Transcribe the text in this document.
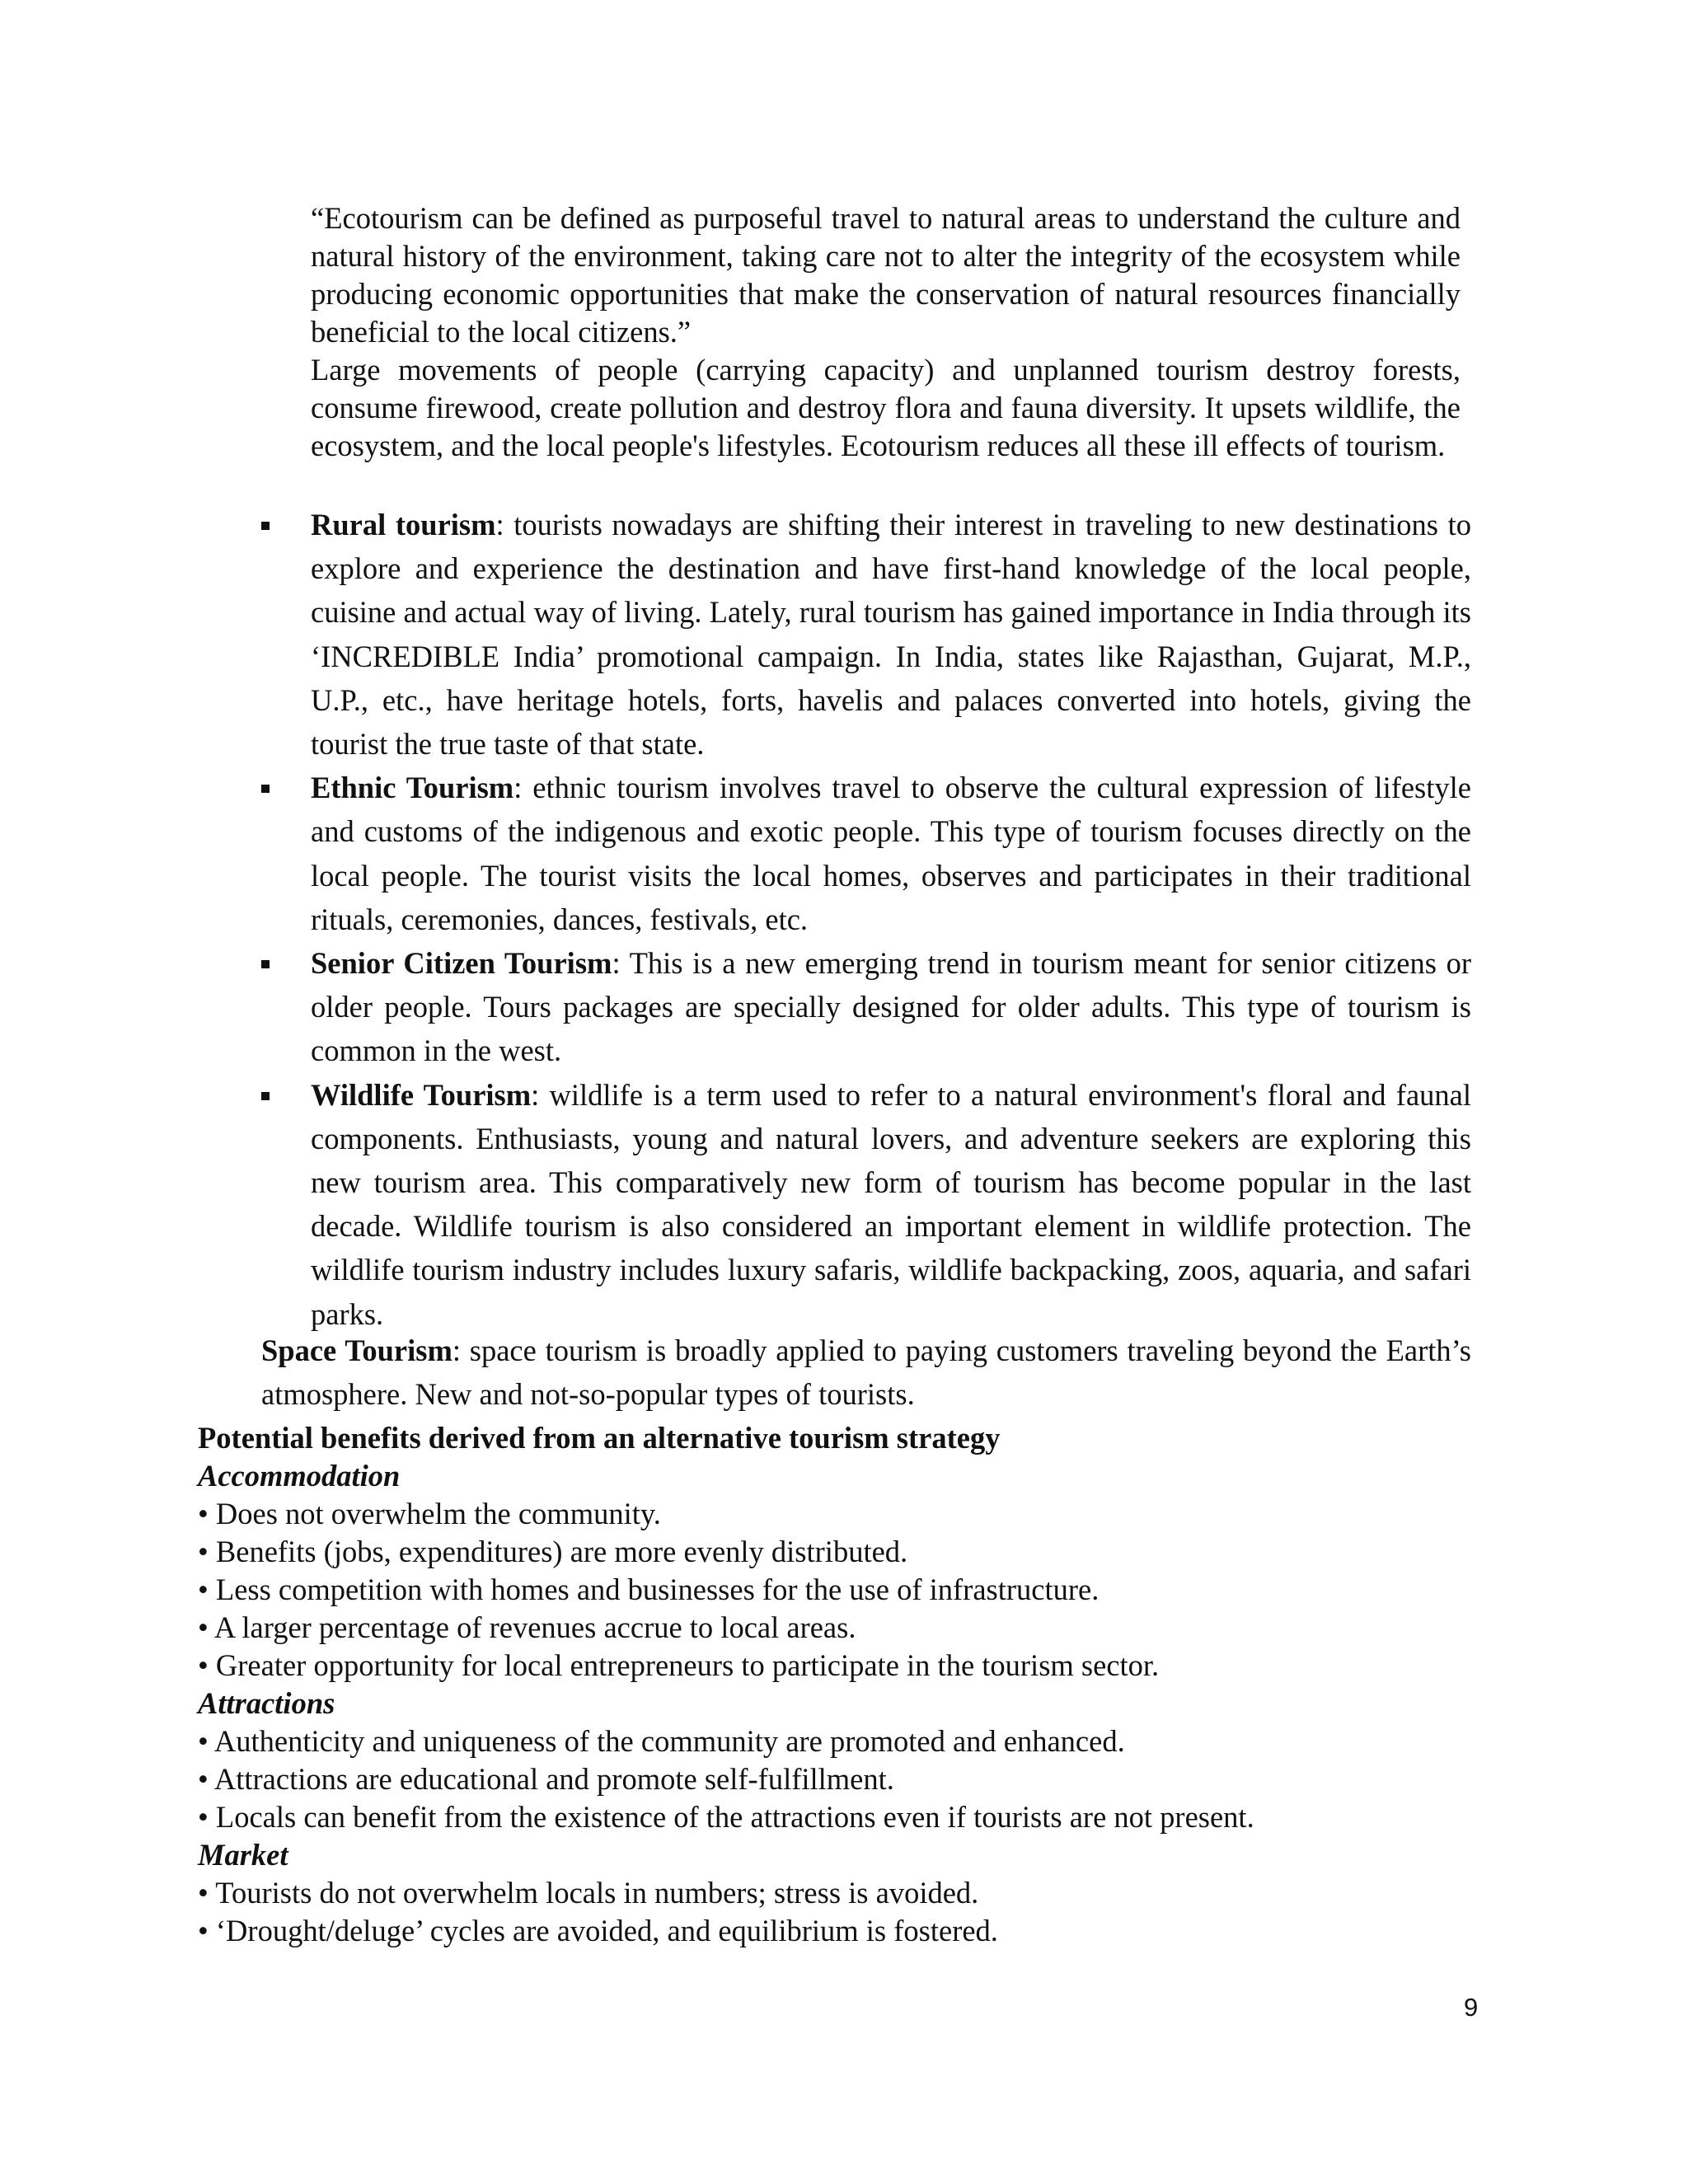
“Ecotourism can be defined as purposeful travel to natural areas to understand the culture and natural history of the environment, taking care not to alter the integrity of the ecosystem while producing economic opportunities that make the conservation of natural resources financially beneficial to the local citizens.”

Large movements of people (carrying capacity) and unplanned tourism destroy forests, consume firewood, create pollution and destroy flora and fauna diversity. It upsets wildlife, the ecosystem, and the local people's lifestyles. Ecotourism reduces all these ill effects of tourism.

Rural tourism: tourists nowadays are shifting their interest in traveling to new destinations to explore and experience the destination and have first-hand knowledge of the local people, cuisine and actual way of living. Lately, rural tourism has gained importance in India through its ‘INCREDIBLE India’ promotional campaign. In India, states like Rajasthan, Gujarat, M.P., U.P., etc., have heritage hotels, forts, havelis and palaces converted into hotels, giving the tourist the true taste of that state.
Ethnic Tourism: ethnic tourism involves travel to observe the cultural expression of lifestyle and customs of the indigenous and exotic people. This type of tourism focuses directly on the local people. The tourist visits the local homes, observes and participates in their traditional rituals, ceremonies, dances, festivals, etc.
Senior Citizen Tourism: This is a new emerging trend in tourism meant for senior citizens or older people. Tours packages are specially designed for older adults. This type of tourism is common in the west.
Wildlife Tourism: wildlife is a term used to refer to a natural environment's floral and faunal components. Enthusiasts, young and natural lovers, and adventure seekers are exploring this new tourism area. This comparatively new form of tourism has become popular in the last decade. Wildlife tourism is also considered an important element in wildlife protection. The wildlife tourism industry includes luxury safaris, wildlife backpacking, zoos, aquaria, and safari parks.

Space Tourism: space tourism is broadly applied to paying customers traveling beyond the Earth’s atmosphere. New and not-so-popular types of tourists.

Potential benefits derived from an alternative tourism strategy
Accommodation

• Does not overwhelm the community.

• Benefits (jobs, expenditures) are more evenly distributed.

• Less competition with homes and businesses for the use of infrastructure.

• A larger percentage of revenues accrue to local areas.

• Greater opportunity for local entrepreneurs to participate in the tourism sector.

Attractions

• Authenticity and uniqueness of the community are promoted and enhanced.

• Attractions are educational and promote self-fulfillment.

• Locals can benefit from the existence of the attractions even if tourists are not present.

Market

• Tourists do not overwhelm locals in numbers; stress is avoided.

• ‘Drought/deluge’ cycles are avoided, and equilibrium is fostered.

9
